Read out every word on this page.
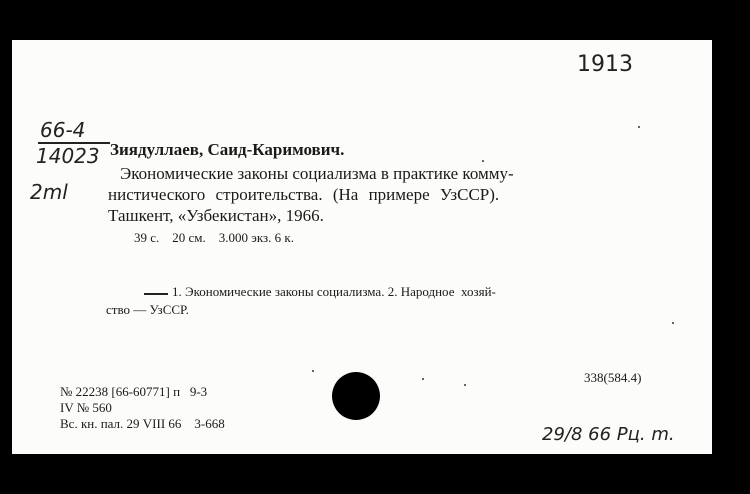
1913
66-4
14023
2ml
Зиядуллаев, Саид-Каримович.
Экономические законы социализма в практике комму-
нистического строительства. (На примере УзССР).
Ташкент, «Узбекистан», 1966.
39 с.    20 см.    3.000 экз. 6 к.
1. Экономические законы социализма. 2. Народное  хозяй-
ство — УзССР.
338(584.4)
№ 22238 [66-60771] п   9-3
IV № 560
Вс. кн. пал. 29 VIII 66    3-668
29/8 66 Рц. m.
